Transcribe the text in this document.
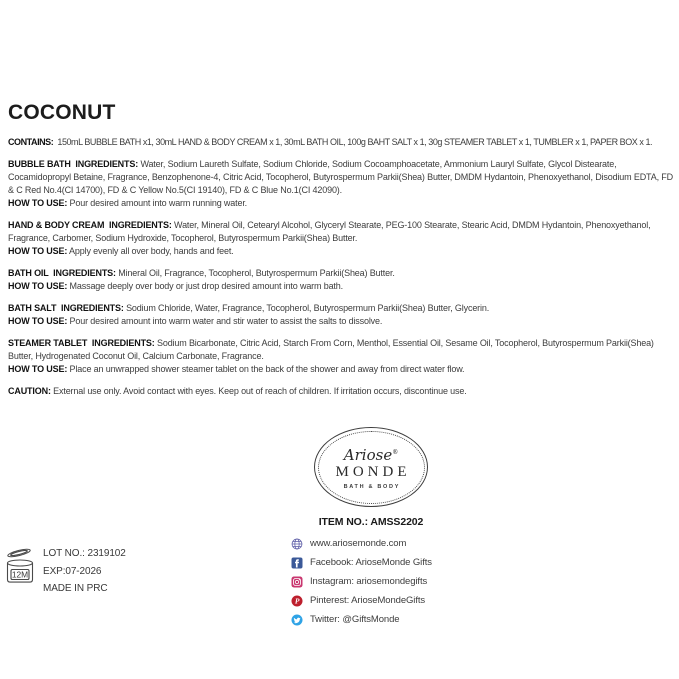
COCONUT

CONTAINS:  150mL BUBBLE BATH x1, 30mL HAND & BODY CREAM x 1, 30mL BATH OIL, 100g BAHT SALT x 1, 30g STEAMER TABLET x 1, TUMBLER x 1, PAPER BOX x 1.

BUBBLE BATH  INGREDIENTS: Water, Sodium Laureth Sulfate, Sodium Chloride, Sodium Cocoamphoacetate, Ammonium Lauryl Sulfate, Glycol Distearate, Cocamidopropyl Betaine, Fragrance, Benzophenone-4, Citric Acid, Tocopherol, Butyrospermum Parkii(Shea) Butter, DMDM Hydantoin, Phenoxyethanol, Disodium EDTA, FD & C Red No.4(CI 14700), FD & C Yellow No.5(CI 19140), FD & C Blue No.1(CI 42090).

HOW TO USE: Pour desired amount into warm running water.

HAND & BODY CREAM  INGREDIENTS: Water, Mineral Oil, Cetearyl Alcohol, Glyceryl Stearate, PEG-100 Stearate, Stearic Acid, DMDM Hydantoin, Phenoxyethanol, Fragrance, Carbomer, Sodium Hydroxide, Tocopherol, Butyrospermum Parkii(Shea) Butter.

HOW TO USE: Apply evenly all over body, hands and feet.

BATH OIL  INGREDIENTS: Mineral Oil, Fragrance, Tocopherol, Butyrospermum Parkii(Shea) Butter.

HOW TO USE: Massage deeply over body or just drop desired amount into warm bath.

BATH SALT  INGREDIENTS: Sodium Chloride, Water, Fragrance, Tocopherol, Butyrospermum Parkii(Shea) Butter, Glycerin.

HOW TO USE: Pour desired amount into warm water and stir water to assist the salts to dissolve.

STEAMER TABLET  INGREDIENTS: Sodium Bicarbonate, Citric Acid, Starch From Corn, Menthol, Essential Oil, Sesame Oil, Tocopherol, Butyrospermum Parkii(Shea) Butter, Hydrogenated Coconut Oil, Calcium Carbonate, Fragrance.

HOW TO USE: Place an unwrapped shower steamer tablet on the back of the shower and away from direct water flow.

CAUTION: External use only. Avoid contact with eyes. Keep out of reach of children. If irritation occurs, discontinue use.

Ariose®
MONDE
BATH & BODY
ITEM NO.: AMSS2202
www.ariosemonde.com
Facebook: ArioseMonde Gifts
Instagram: ariosemondegifts
P Pinterest: ArioseMondeGifts
Twitter: @GiftsMonde
12M
LOT NO.: 2319102
EXP:07-2026
MADE IN PRC
